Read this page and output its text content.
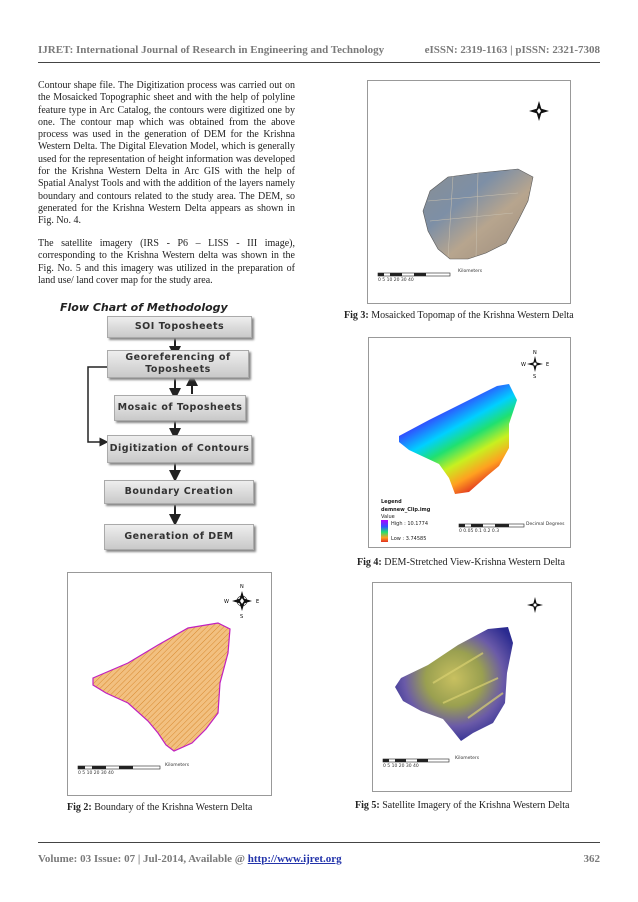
IJRET: International Journal of Research in Engineering and Technology	eISSN: 2319-1163 | pISSN: 2321-7308
Contour shape file. The Digitization process was carried out on the Mosaicked Topographic sheet and with the help of polyline feature type in Arc Catalog, the contours were digitized one by one. The contour map which was obtained from the above process was used in the generation of DEM for the Krishna Western Delta. The Digital Elevation Model, which is generally used for the representation of height information was developed for the Krishna Western Delta in Arc GIS with the help of Spatial Analyst Tools and with the addition of the layers namely boundary and contours related to the study area. The DEM, so generated for the Krishna Western Delta appears as shown in Fig. No. 4.
The satellite imagery (IRS - P6 – LISS - III image), corresponding to the Krishna Western delta was shown in the Fig. No. 5 and this imagery was utilized in the preparation of land use/ land cover map for the study area.
Flow Chart of Methodology
SOI Toposheets
Georeferencing of Toposheets
Mosaic of Toposheets
Digitization of Contours
Boundary Creation
Generation of DEM
Kilometers
0 5 10 20 30 40
Fig 3: Mosaicked Topomap of the Krishna Western Delta
N
S
W	E
Legend
demnew_Clip.img
Value
High : 10.1774
Low : 3.74585
Decimal Degrees
0 0.05 0.1 0.2 0.3
Fig 4: DEM-Stretched View-Krishna Western Delta
N
S
W	E
Kilometers
0 5 10 20 30 40
Fig 2: Boundary of the Krishna Western Delta
Kilometers
0 5 10 20 30 40
Fig 5: Satellite Imagery of the Krishna Western Delta
Volume: 03 Issue: 07 | Jul-2014, Available @ http://www.ijret.org	362
